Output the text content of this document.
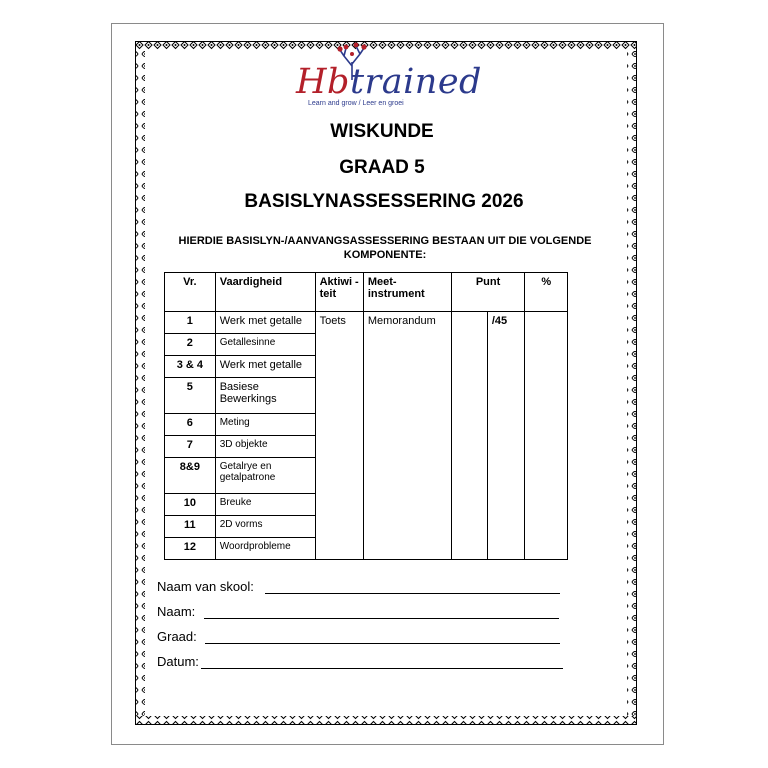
Hbtrained
Learn and grow / Leer en groei
WISKUNDE
GRAAD 5
BASISLYNASSESSERING 2026
HIERDIE BASISLYN-/AANVANGSASSESSERING BESTAAN UIT DIE VOLGENDE KOMPONENTE:
Vr.	Vaardigheid	Aktiwi -teit	Meet-instrument	Punt		%
1	Werk met getalle	Toets	Memorandum		/45	
2	Getallesinne					
3 & 4	Werk met getalle					
5	Basiese Bewerkings					
6	Meting					
7	3D objekte					
8&9	Getalrye en getalpatrone					
10	Breuke					
11	2D vorms					
12	Woordprobleme					
Naam van skool:
Naam:
Graad:
Datum:
